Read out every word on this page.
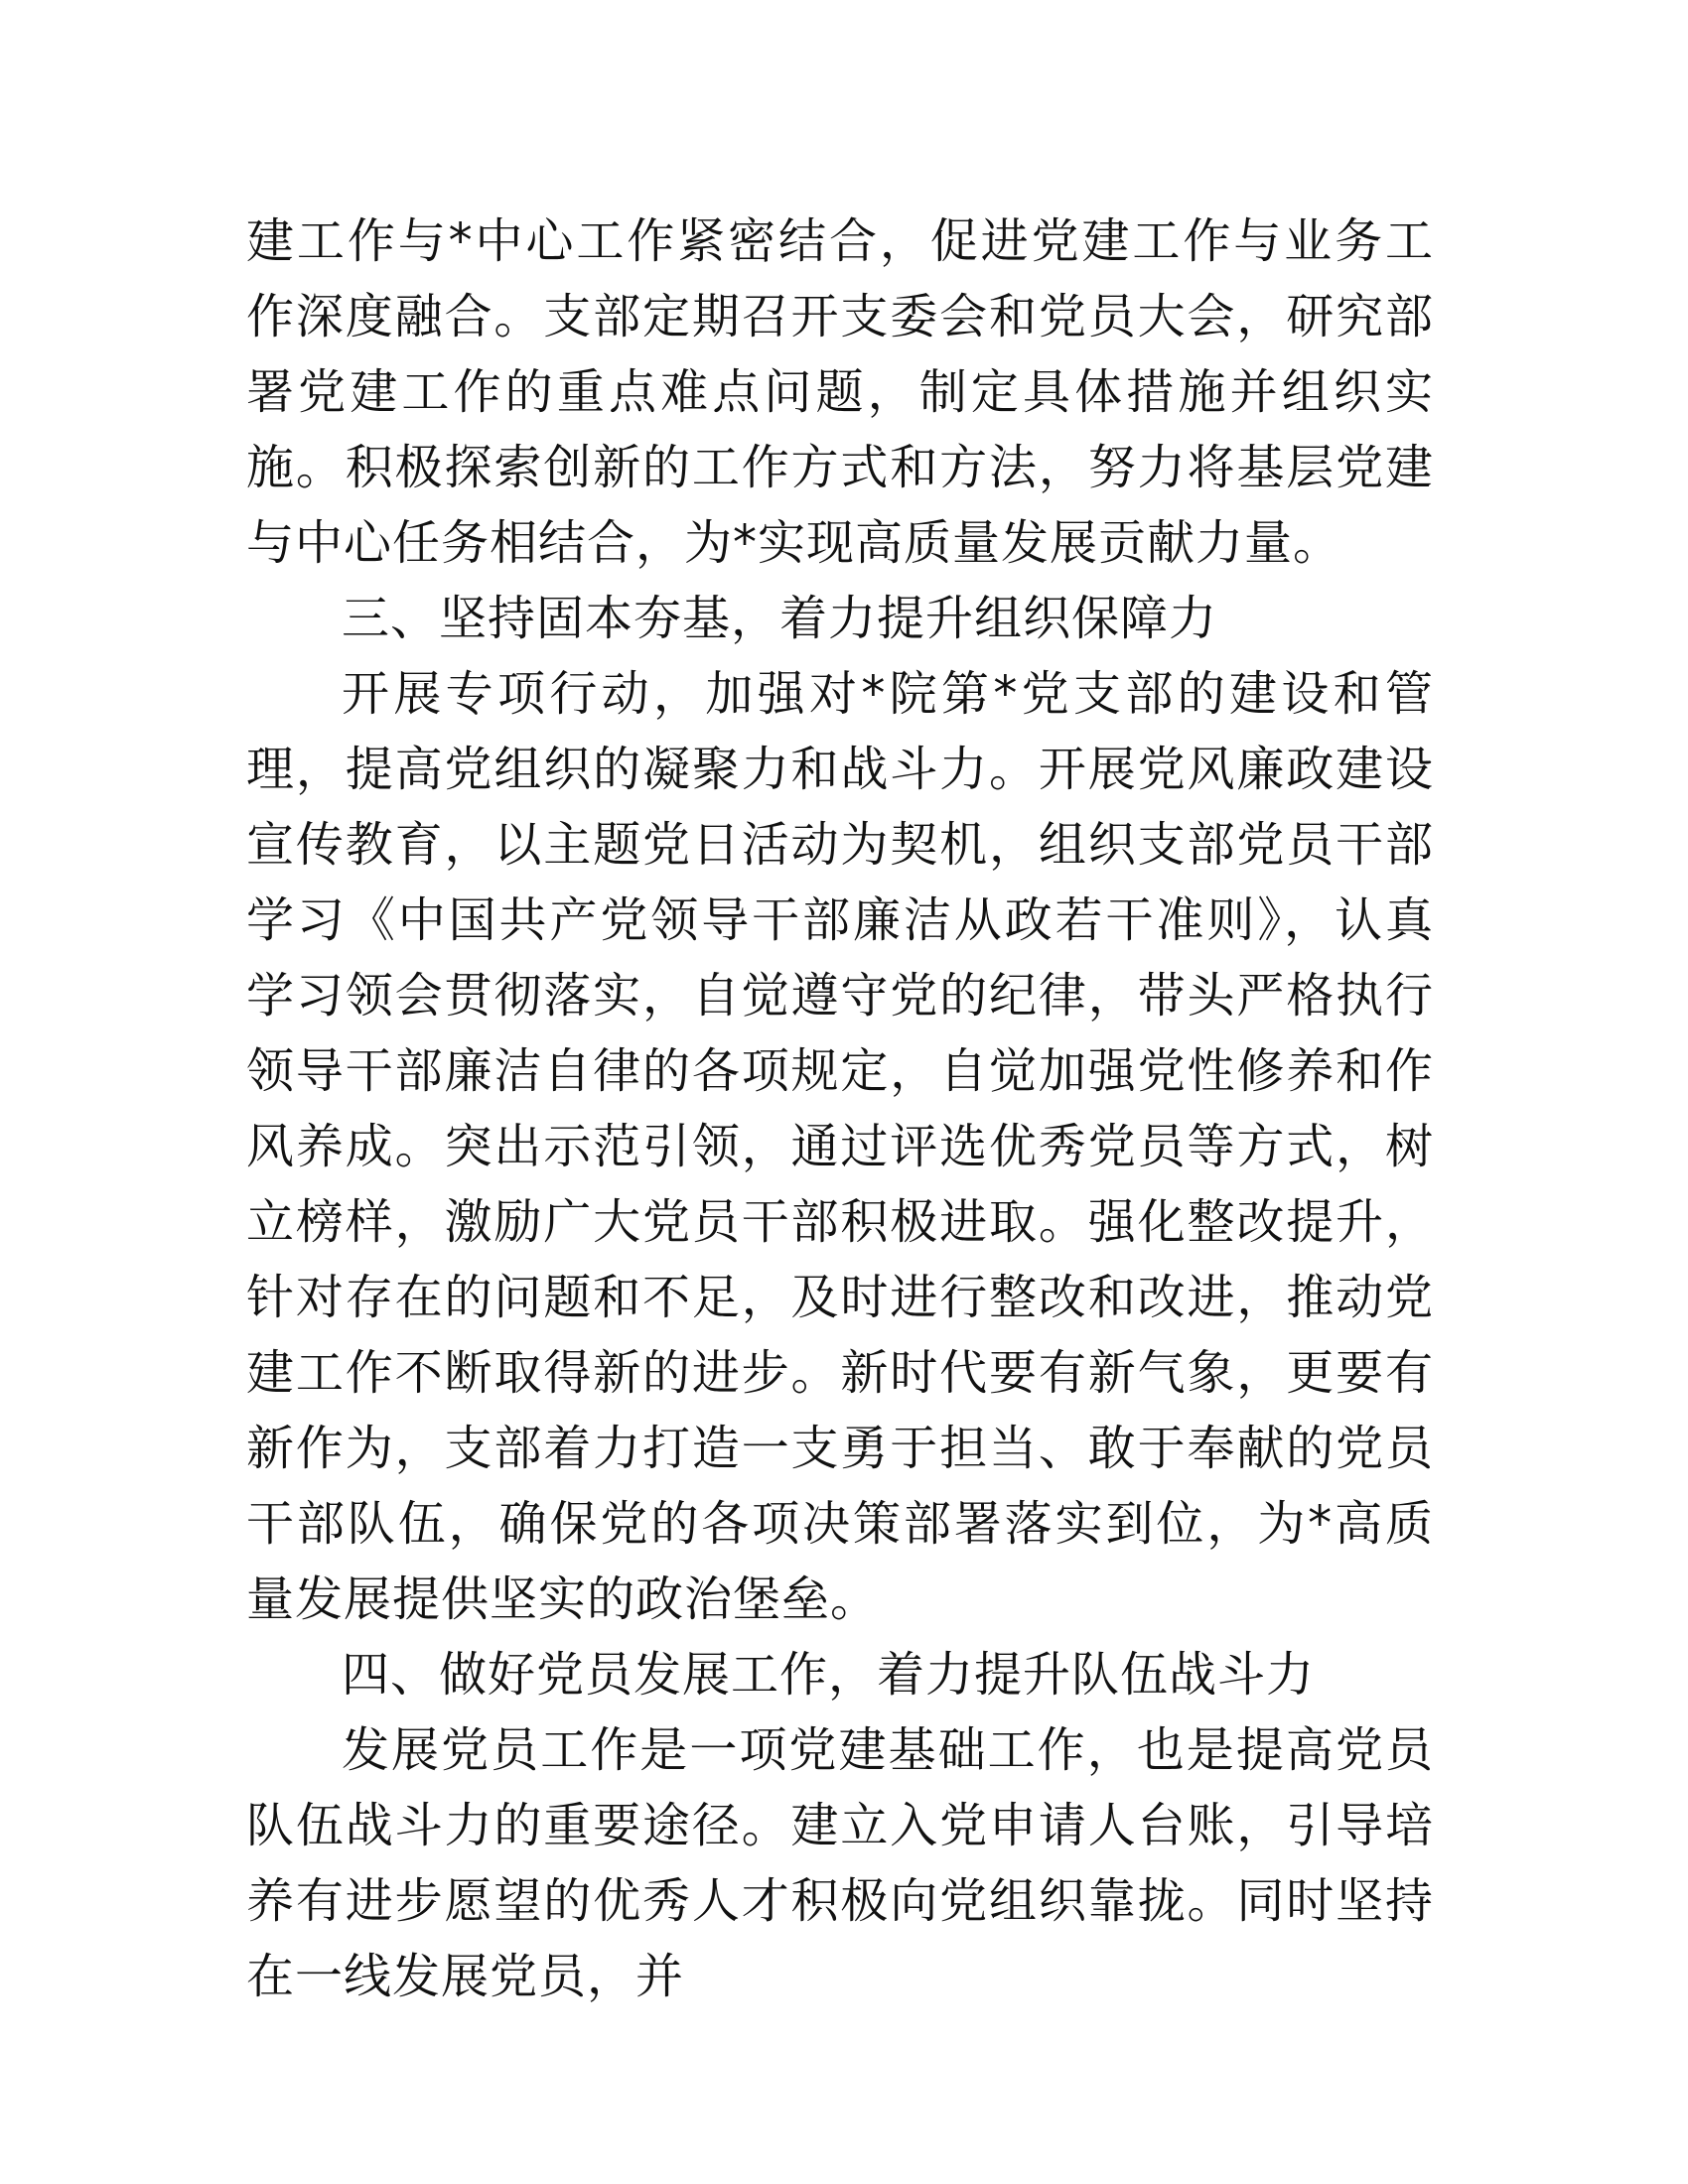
建工作与*中心工作紧密结合，促进党建工作与业务工作深度融合。支部定期召开支委会和党员大会，研究部署党建工作的重点难点问题，制定具体措施并组织实施。积极探索创新的工作方式和方法，努力将基层党建与中心任务相结合，为*实现高质量发展贡献力量。

三、坚持固本夯基，着力提升组织保障力

开展专项行动，加强对*院第*党支部的建设和管理，提高党组织的凝聚力和战斗力。开展党风廉政建设宣传教育，以主题党日活动为契机，组织支部党员干部学习《中国共产党领导干部廉洁从政若干准则》，认真学习领会贯彻落实，自觉遵守党的纪律，带头严格执行领导干部廉洁自律的各项规定，自觉加强党性修养和作风养成。突出示范引领，通过评选优秀党员等方式，树立榜样，激励广大党员干部积极进取。强化整改提升，针对存在的问题和不足，及时进行整改和改进，推动党建工作不断取得新的进步。新时代要有新气象，更要有新作为，支部着力打造一支勇于担当、敢于奉献的党员干部队伍，确保党的各项决策部署落实到位，为*高质量发展提供坚实的政治堡垒。

四、做好党员发展工作，着力提升队伍战斗力

发展党员工作是一项党建基础工作，也是提高党员队伍战斗力的重要途径。建立入党申请人台账，引导培养有进步愿望的优秀人才积极向党组织靠拢。同时坚持在一线发展党员，并
